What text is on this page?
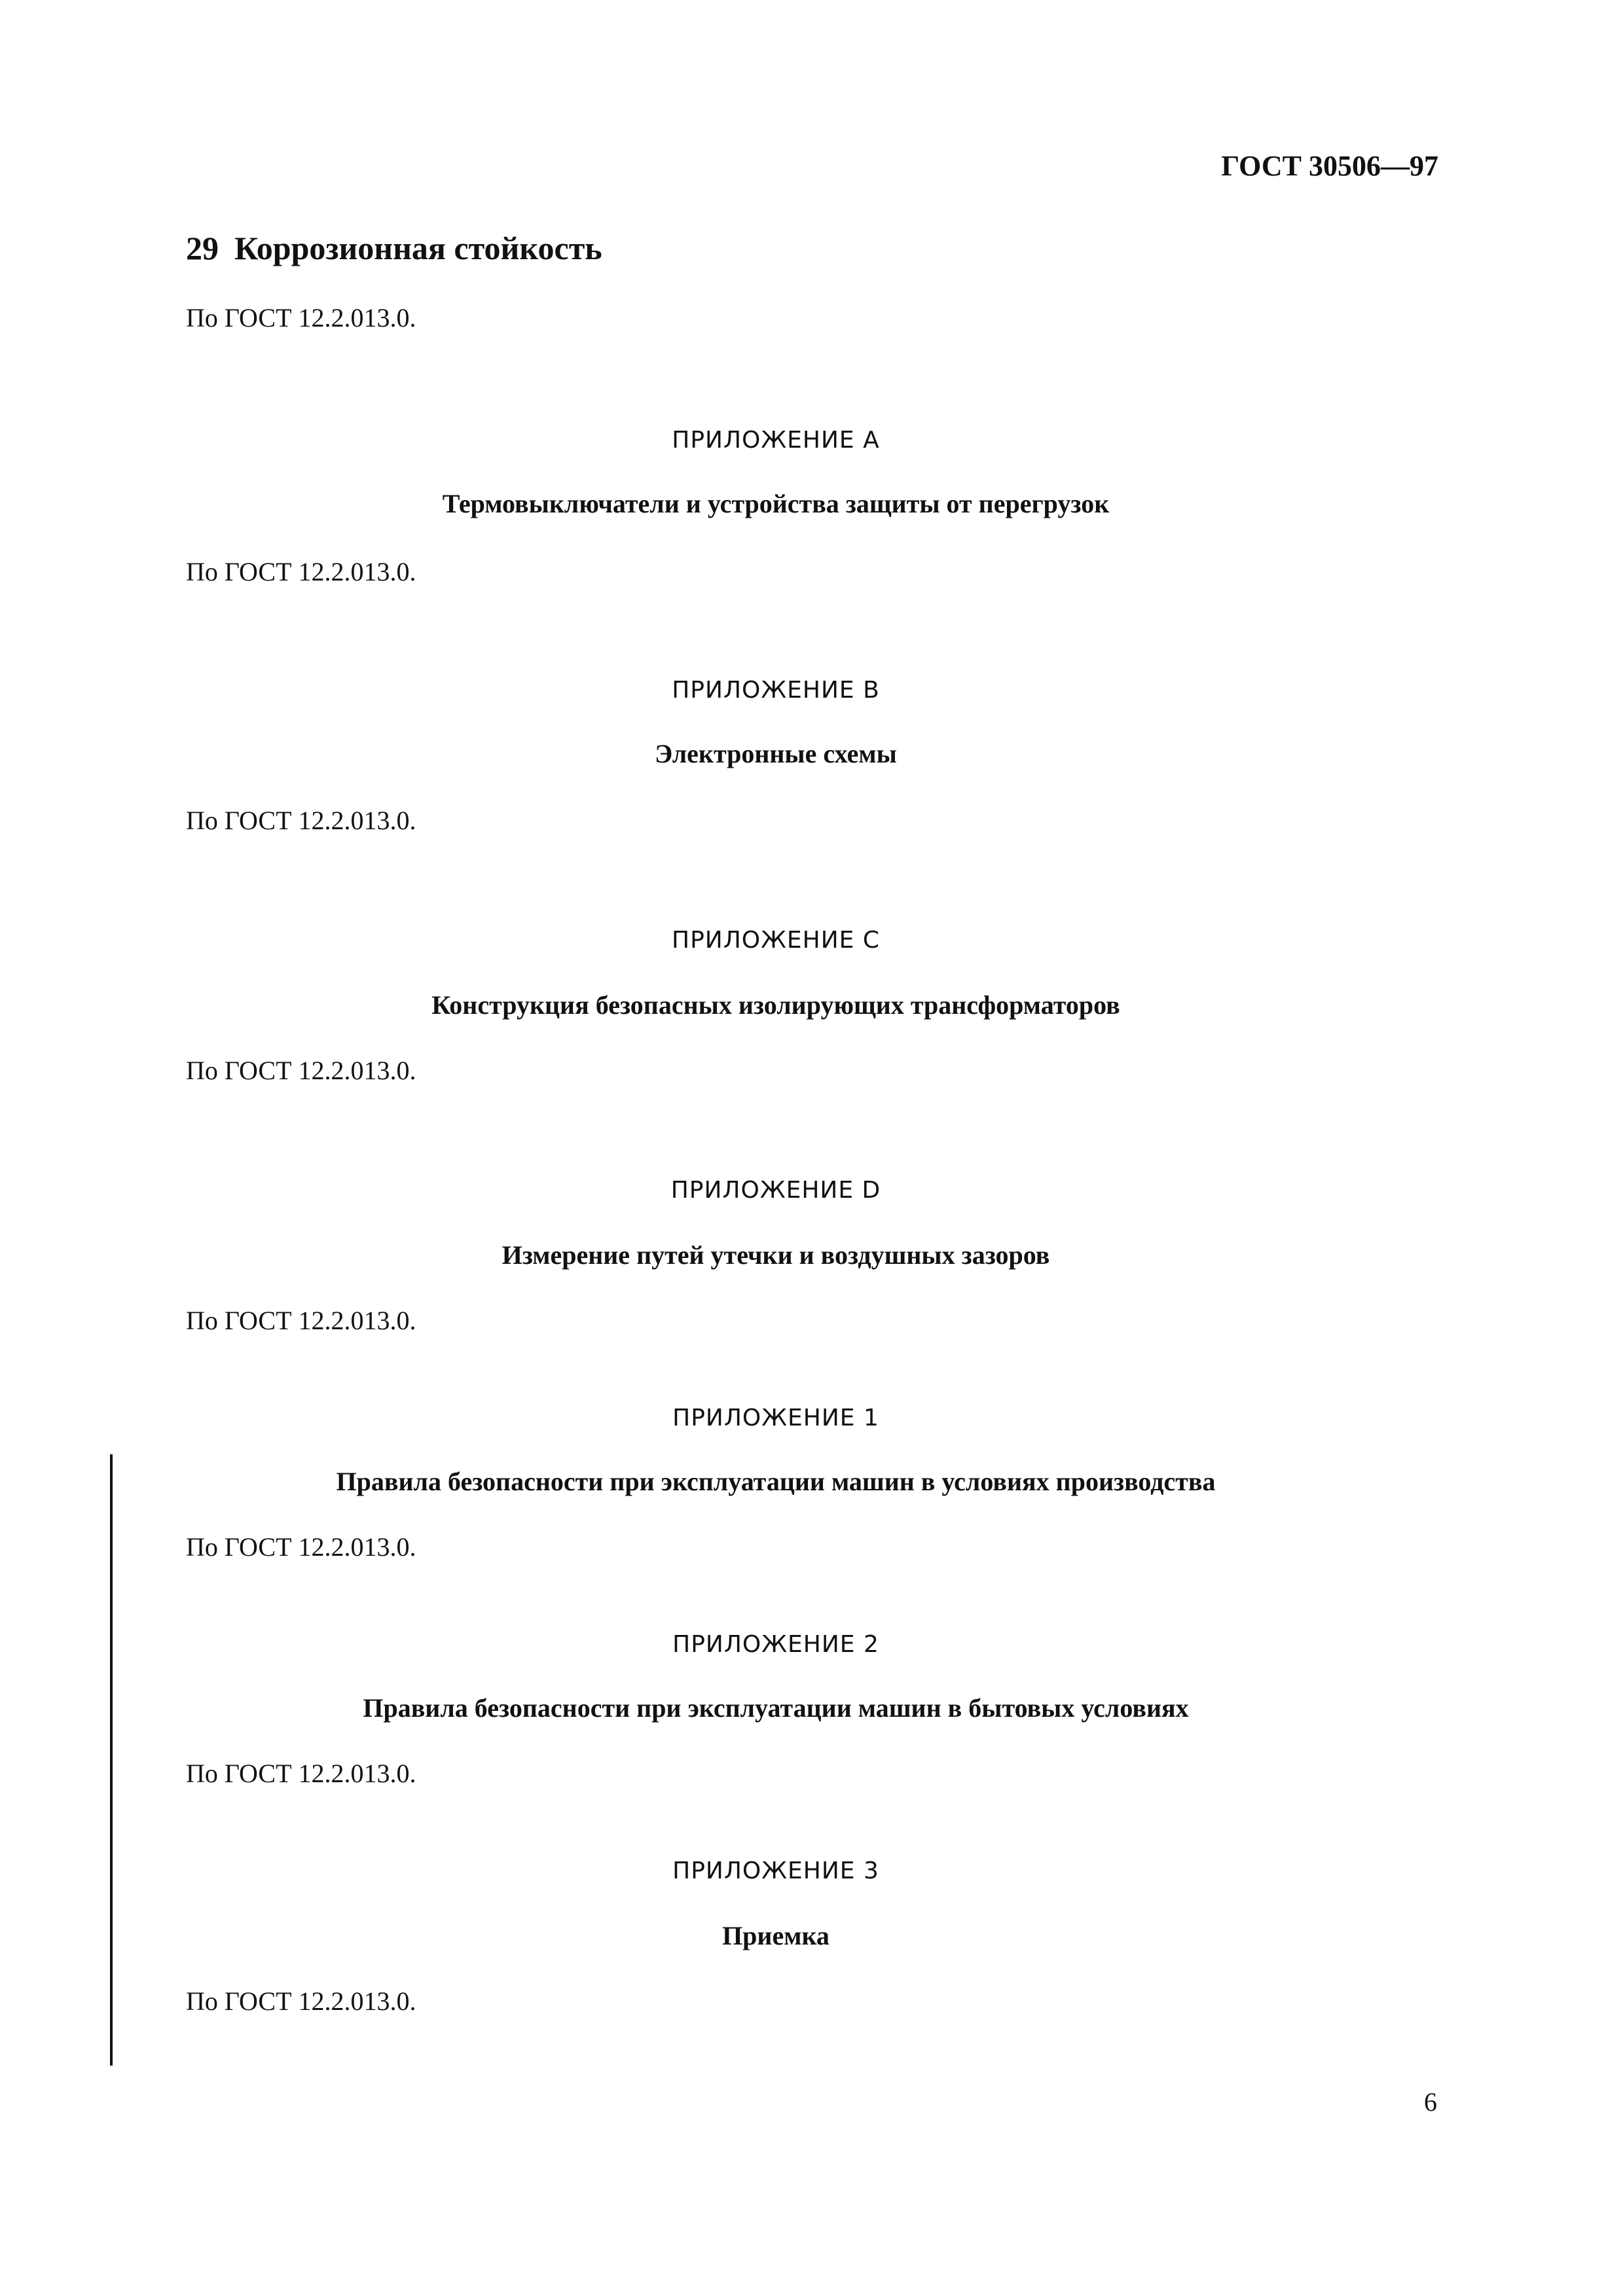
ГОСТ 30506—97
29 Коррозионная стойкость
По ГОСТ 12.2.013.0.
ПРИЛОЖЕНИЕ A
Термовыключатели и устройства защиты от перегрузок
По ГОСТ 12.2.013.0.
ПРИЛОЖЕНИЕ B
Электронные схемы
По ГОСТ 12.2.013.0.
ПРИЛОЖЕНИЕ C
Конструкция безопасных изолирующих трансформаторов
По ГОСТ 12.2.013.0.
ПРИЛОЖЕНИЕ D
Измерение путей утечки и воздушных зазоров
По ГОСТ 12.2.013.0.
ПРИЛОЖЕНИЕ 1
Правила безопасности при эксплуатации машин в условиях производства
По ГОСТ 12.2.013.0.
ПРИЛОЖЕНИЕ 2
Правила безопасности при эксплуатации машин в бытовых условиях
По ГОСТ 12.2.013.0.
ПРИЛОЖЕНИЕ 3
Приемка
По ГОСТ 12.2.013.0.
6
